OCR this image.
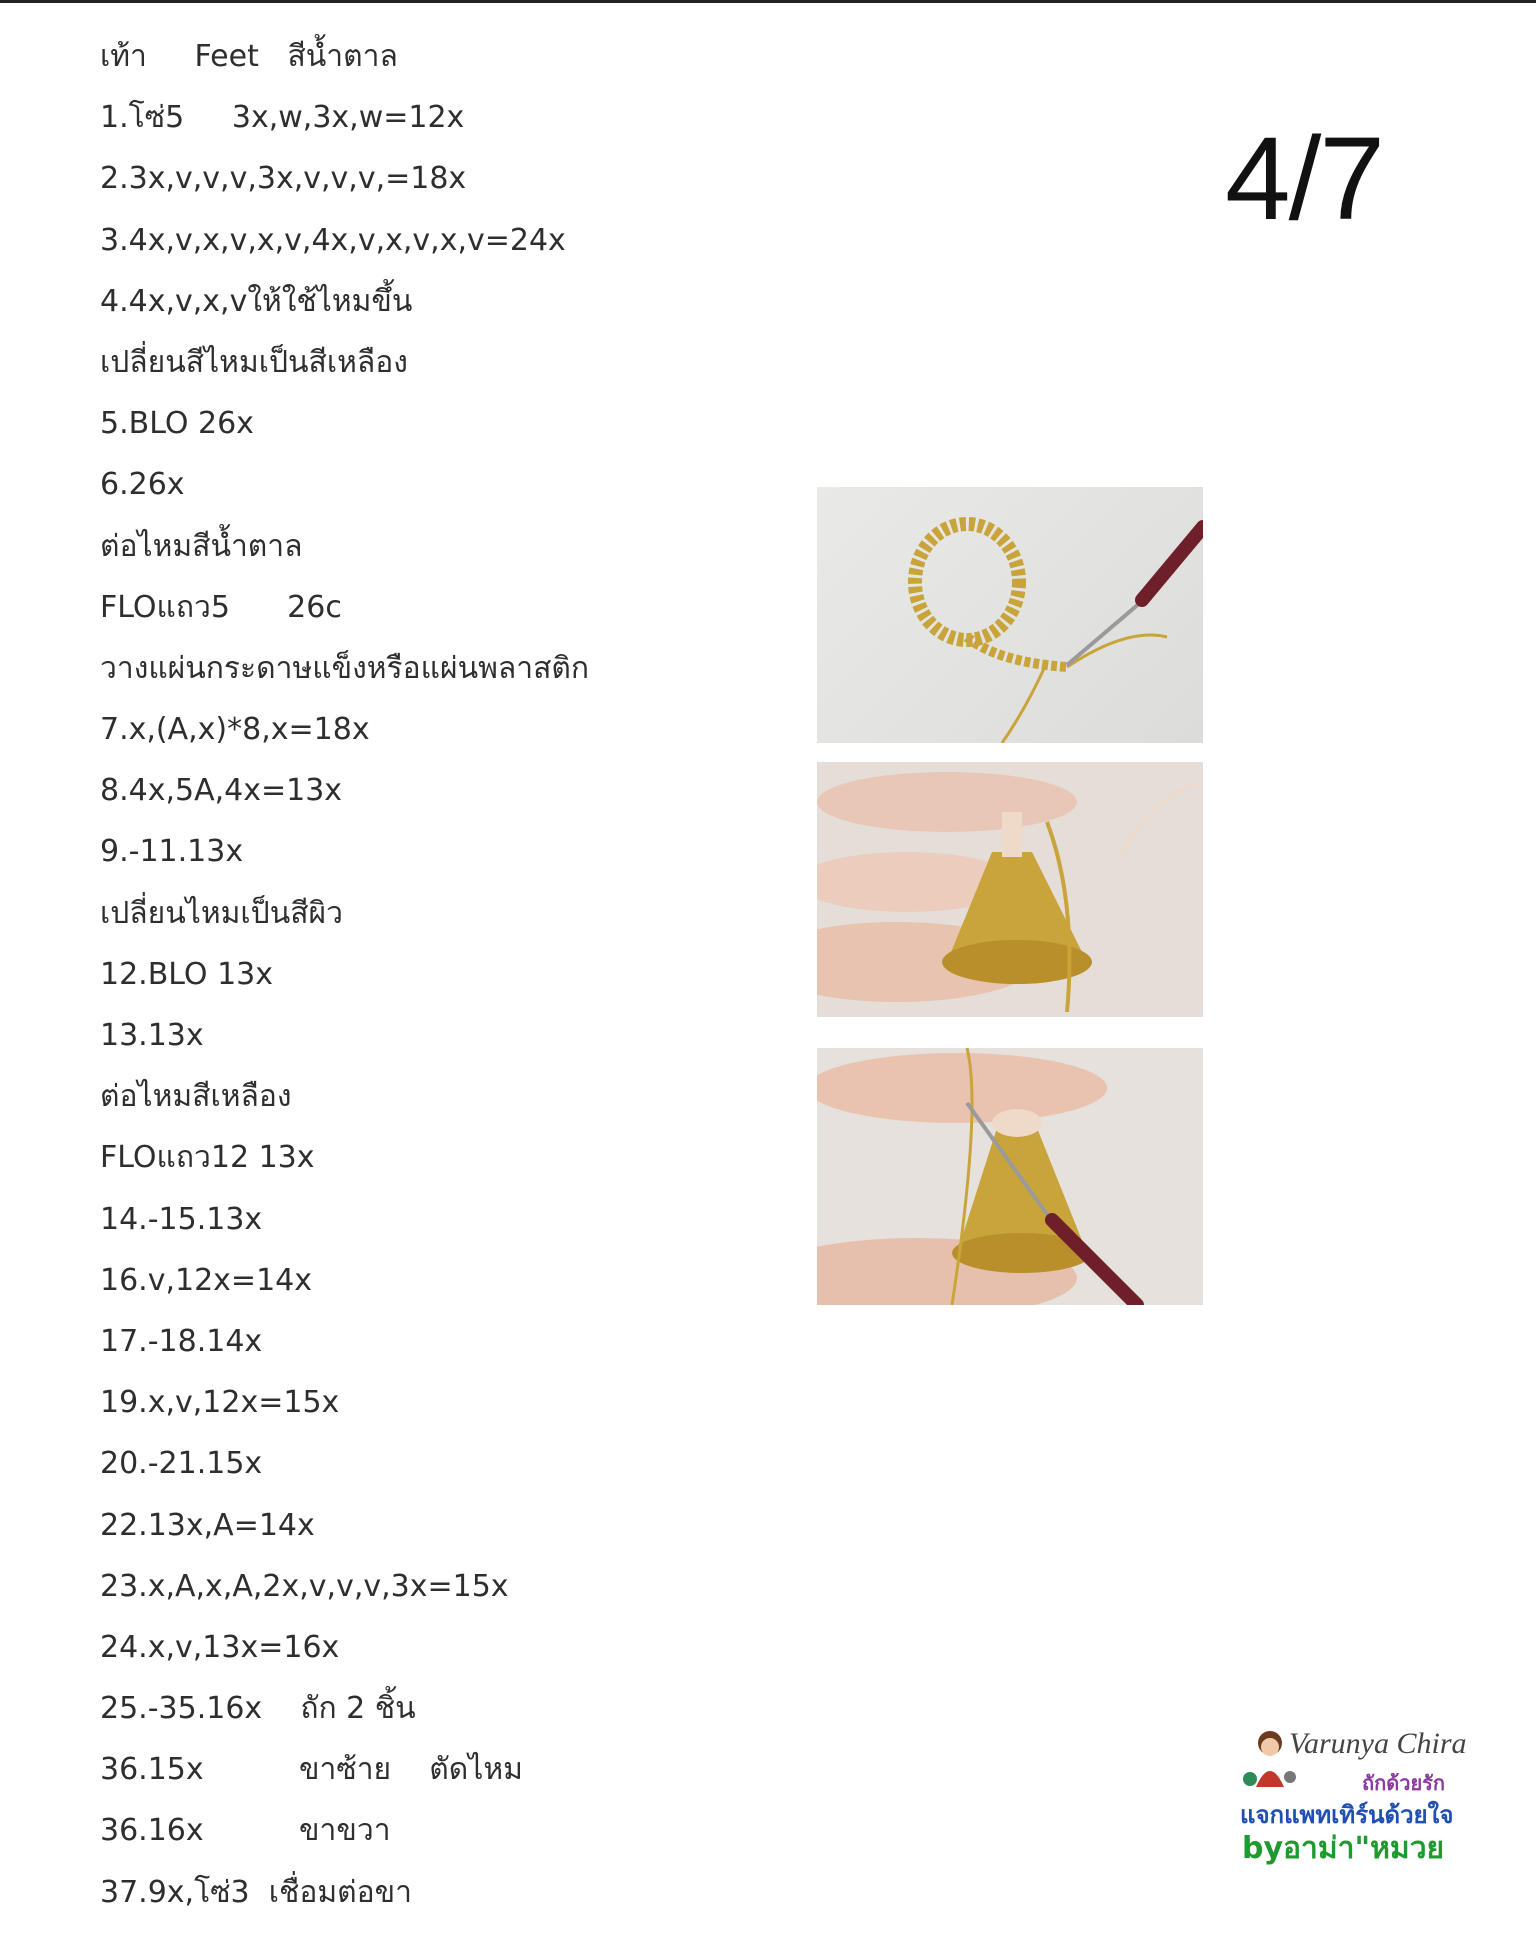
เท้า     Feet   สีน้ำตาล
1.โซ่5     3x,w,3x,w=12x
2.3x,v,v,v,3x,v,v,v,=18x
3.4x,v,x,v,x,v,4x,v,x,v,x,v=24x
4.4x,v,x,vให้ใช้ไหมขึ้น
เปลี่ยนสีไหมเป็นสีเหลือง
5.BLO 26x
6.26x
ต่อไหมสีน้ำตาล
FLOแถว5      26c
วางแผ่นกระดาษแข็งหรือแผ่นพลาสติก
7.x,(A,x)*8,x=18x
8.4x,5A,4x=13x
9.-11.13x
เปลี่ยนไหมเป็นสีผิว
12.BLO 13x
13.13x
ต่อไหมสีเหลือง
FLOแถว12 13x
14.-15.13x
16.v,12x=14x
17.-18.14x
19.x,v,12x=15x
20.-21.15x
22.13x,A=14x
23.x,A,x,A,2x,v,v,v,3x=15x
24.x,v,13x=16x
25.-35.16x    ถัก 2 ชิ้น
36.15x          ขาซ้าย    ตัดไหม
36.16x          ขาขวา
37.9x,โซ่3  เชื่อมต่อขา
4/7
Varunya Chira
ถักด้วยรัก
แจกแพทเทิร์นด้วยใจ
byอาม่า"หมวย
